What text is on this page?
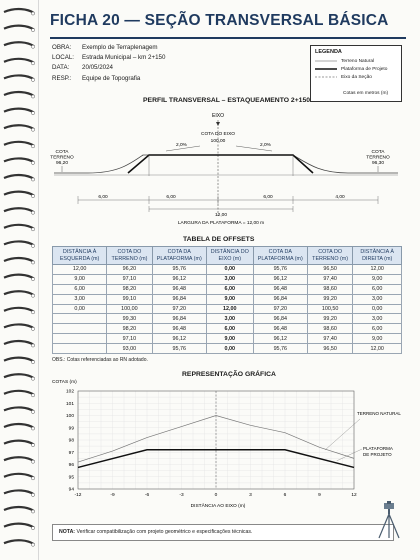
FICHA 20 — SEÇÃO TRANSVERSAL BÁSICA
OBRA: Exemplo de Terraplenagem
LOCAL: Estrada Municipal – km 2+150
DATA: 20/05/2024
RESP.: Equipe de Topografia
LEGENDA
Terreno Natural
Plataforma de Projeto
Eixo da Seção
Cotas em metros (m)
PERFIL TRANSVERSAL – ESTAQUEAMENTO 2+150
EIXO
COTA DO EIXO
100,00
COTA
TERRENO
96,20
COTA
TERRENO
96,30
2,0%	2,0%
6,00	6,00	6,00	4,00
12,00
LARGURA DA PLATAFORMA = 12,00 m
TABELA DE OFFSETS
DISTÂNCIA À ESQUERDA (m)	COTA DO TERRENO (m)	COTA DA PLATAFORMA (m)	DISTÂNCIA DO EIXO (m)	COTA DA PLATAFORMA (m)	COTA DO TERRENO (m)	DISTÂNCIA À DIREITA (m)
12,00	96,20	95,76	0,00	95,76	96,50	12,00
9,00	97,10	96,12	3,00	96,12	97,40	9,00
6,00	98,20	96,48	6,00	96,48	98,60	6,00
3,00	99,10	96,84	9,00	96,84	99,20	3,00
0,00	100,00	97,20	12,00	97,20	100,50	0,00
	99,30	96,84	3,00	96,84	99,20	3,00
	98,20	96,48	6,00	96,48	98,60	6,00
	97,10	96,12	9,00	96,12	97,40	9,00
	93,00	95,76	0,00	95,76	96,50	12,00
OBS.: Cotas referenciadas ao RN adotado.
REPRESENTAÇÃO GRÁFICA
COTAS (m)
DISTÂNCIA AO EIXO (m)
TERRENO NATURAL
PLATAFORMA
DE PROJETO
-12	-9	-6	-3	0	3	6	9	12
94
95
96
97
98
99
100
101
102
NOTA: Verificar compatibilização com projeto geométrico e especificações técnicas.
